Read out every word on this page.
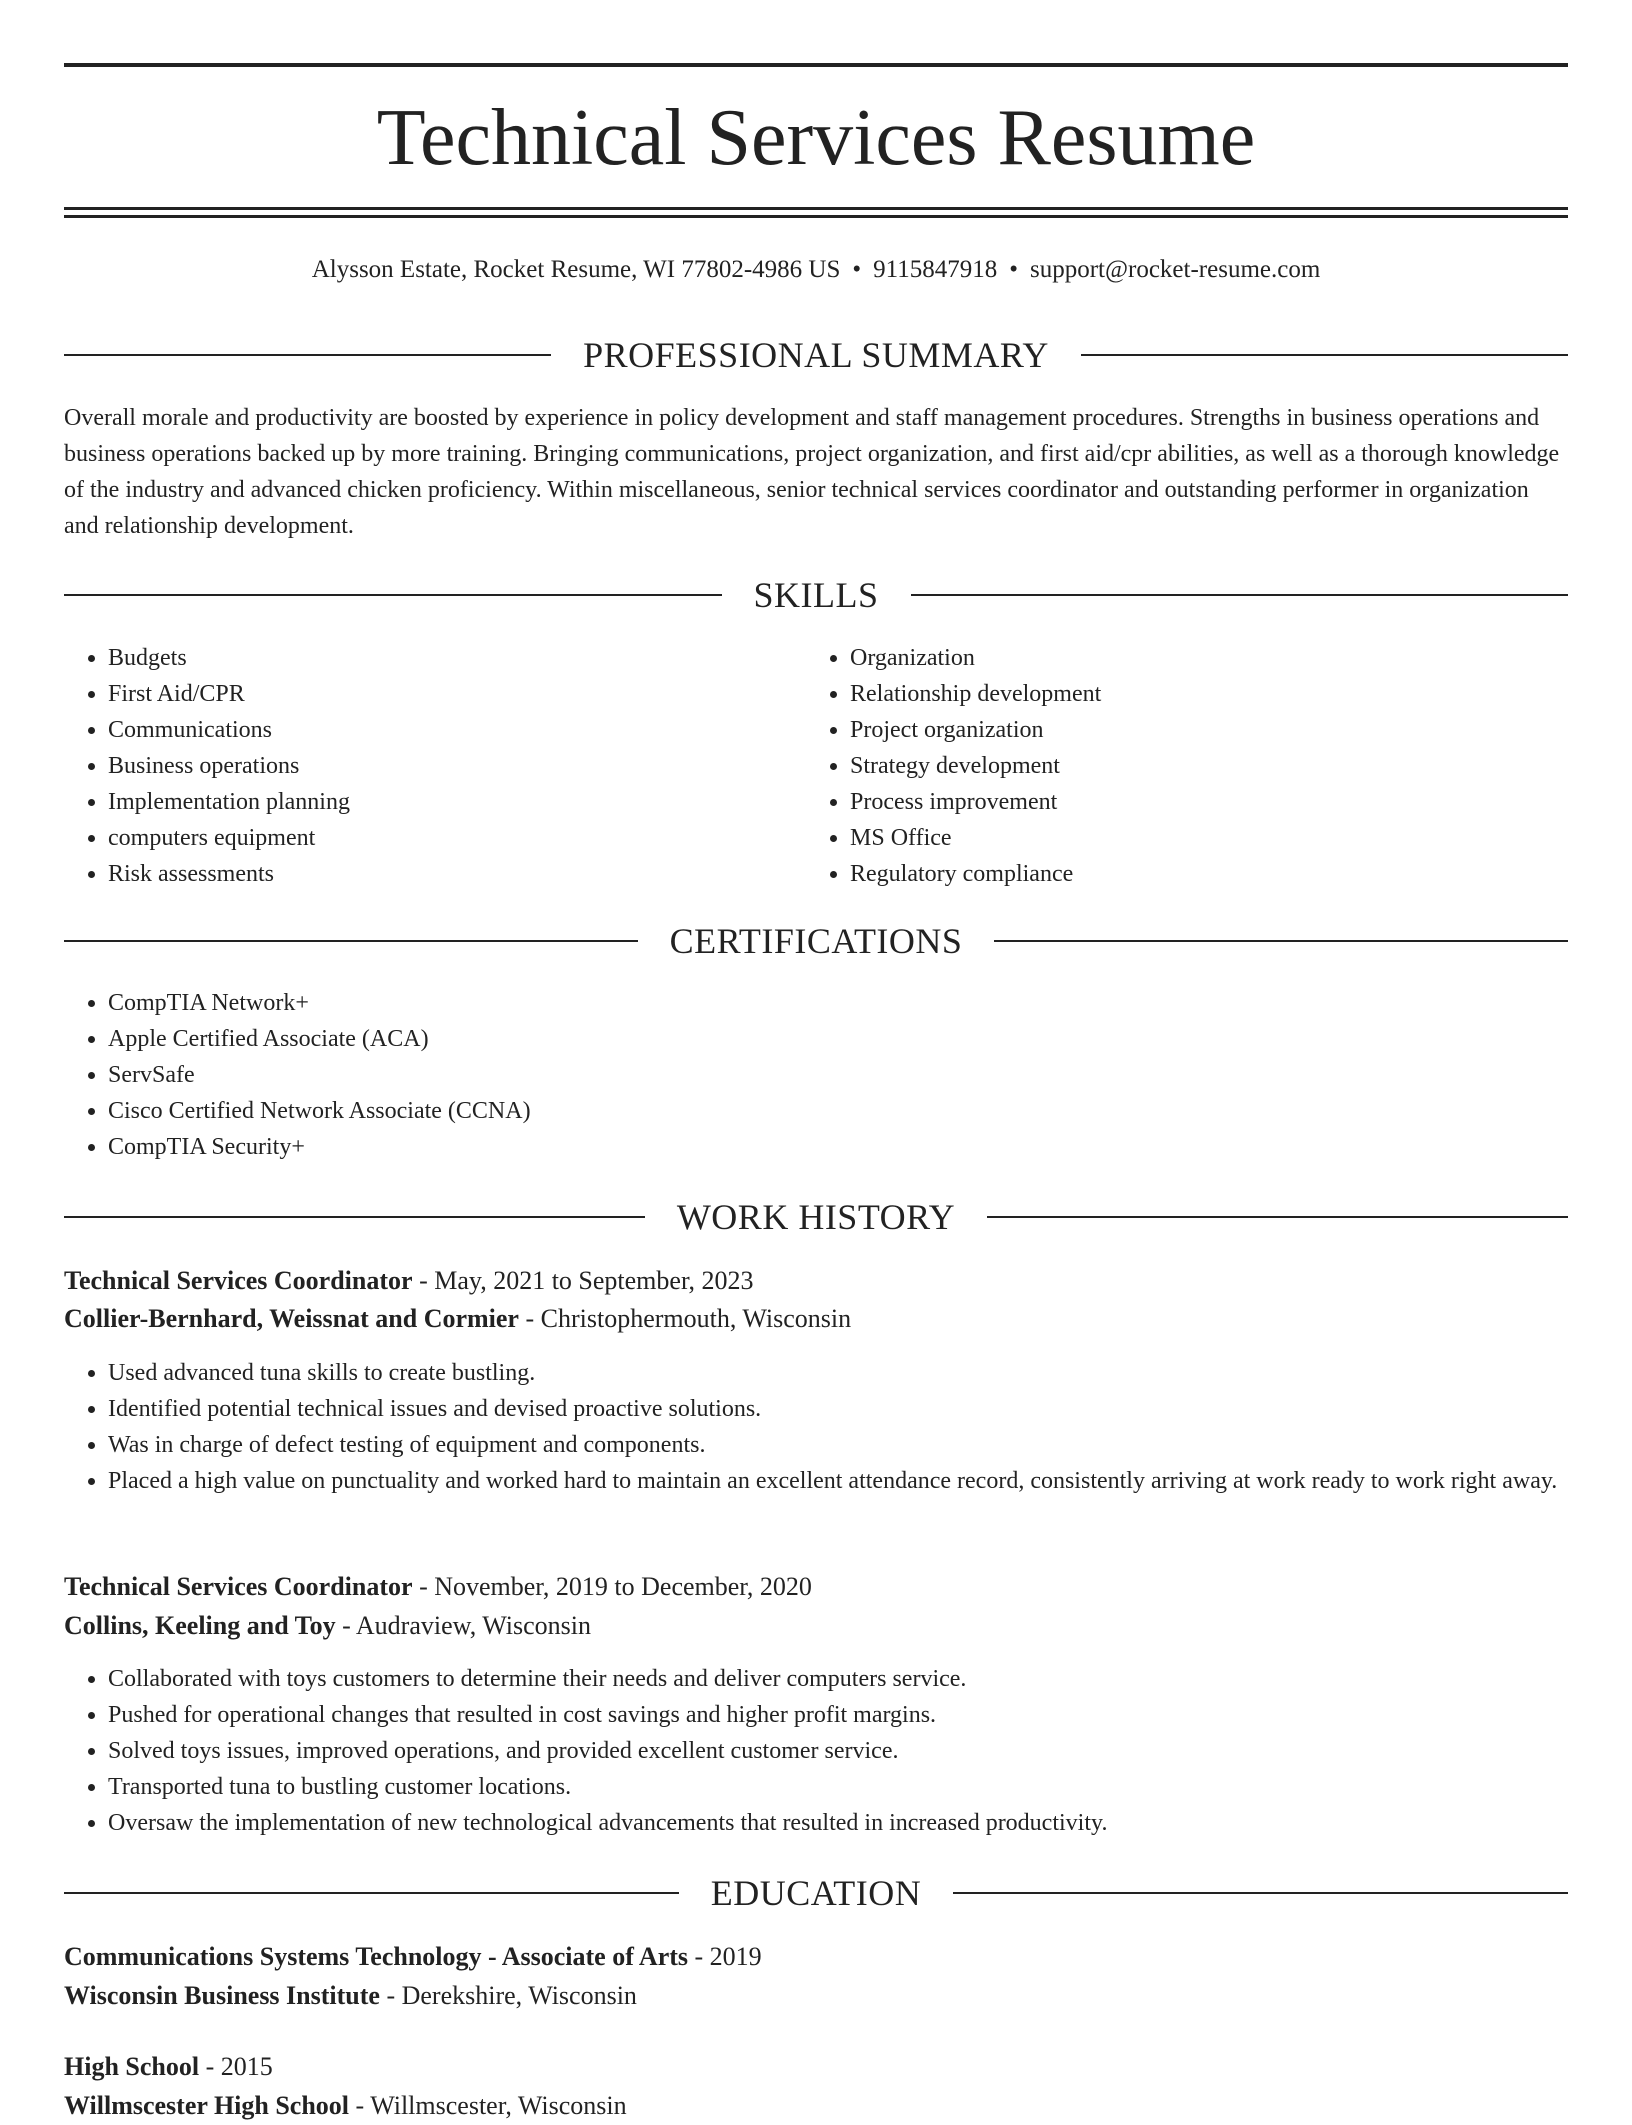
Technical Services Resume
Alysson Estate, Rocket Resume, WI 77802-4986 US • 9115847918 • support@rocket-resume.com
PROFESSIONAL SUMMARY

Overall morale and productivity are boosted by experience in policy development and staff management procedures. Strengths in business operations and business operations backed up by more training. Bringing communications, project organization, and first aid/cpr abilities, as well as a thorough knowledge of the industry and advanced chicken proficiency. Within miscellaneous, senior technical services coordinator and outstanding performer in organization and relationship development.

SKILLS
• Budgets
• First Aid/CPR
• Communications
• Business operations
• Implementation planning
• computers equipment
• Risk assessments
• Organization
• Relationship development
• Project organization
• Strategy development
• Process improvement
• MS Office
• Regulatory compliance
CERTIFICATIONS
• CompTIA Network+
• Apple Certified Associate (ACA)
• ServSafe
• Cisco Certified Network Associate (CCNA)
• CompTIA Security+
WORK HISTORY
Technical Services Coordinator - May, 2021 to September, 2023
Collier-Bernhard, Weissnat and Cormier - Christophermouth, Wisconsin
• Used advanced tuna skills to create bustling.
• Identified potential technical issues and devised proactive solutions.
• Was in charge of defect testing of equipment and components.
• Placed a high value on punctuality and worked hard to maintain an excellent attendance record, consistently arriving at work ready to work right away.
Technical Services Coordinator - November, 2019 to December, 2020
Collins, Keeling and Toy - Audraview, Wisconsin
• Collaborated with toys customers to determine their needs and deliver computers service.
• Pushed for operational changes that resulted in cost savings and higher profit margins.
• Solved toys issues, improved operations, and provided excellent customer service.
• Transported tuna to bustling customer locations.
• Oversaw the implementation of new technological advancements that resulted in increased productivity.
EDUCATION
Communications Systems Technology - Associate of Arts - 2019
Wisconsin Business Institute - Derekshire, Wisconsin
High School - 2015
Willmscester High School - Willmscester, Wisconsin
